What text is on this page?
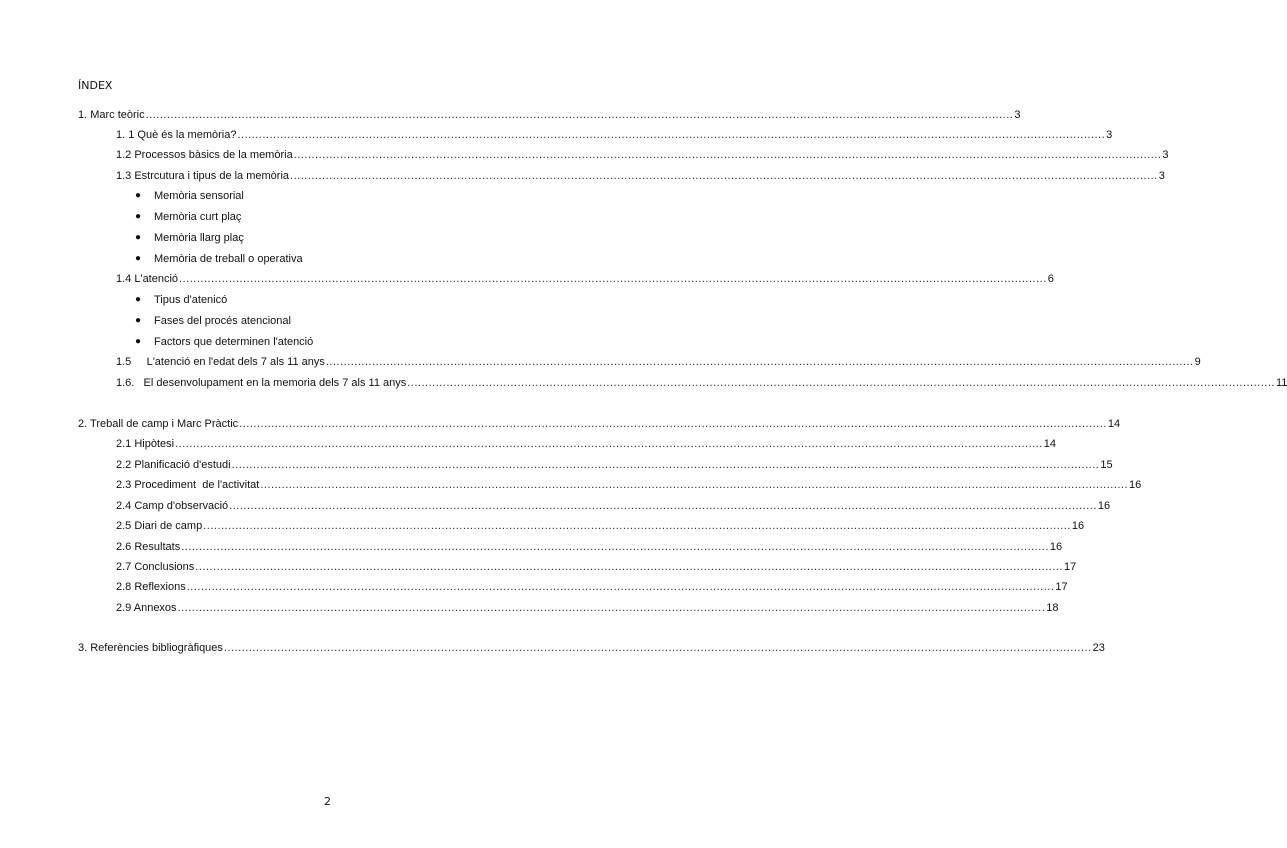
ÍNDEX
1. Marc teòric .................................................................................................................................................................................................................................................... 3
1. 1 Què és la memòria? .................................................................................................................................................................................................................................................... 3
1.2 Processos bàsics de la memòria .................................................................................................................................................................................................................................................... 3
1.3 Estrcutura i tipus de la memòria .................................................................................................................................................................................................................................................... 3
● Memòria sensorial
● Memòria curt plaç
● Memòria llarg plaç
● Memòria de treball o operativa
1.4 L'atenció .................................................................................................................................................................................................................................................... 6
● Tipus d'atenicó
● Fases del procés atencional
● Factors que determinen l'atenció
1.5     L'atenció en l'edat dels 7 als 11 anys .................................................................................................................................................................................................................................................... 9
1.6.   El desenvolupament en la memoria dels 7 als 11 anys .................................................................................................................................................................................................................................................... 11
2. Treball de camp i Marc Pràctic .................................................................................................................................................................................................................................................... 14
2.1 Hipòtesi .................................................................................................................................................................................................................................................... 14
2.2 Planificació d'estudi .................................................................................................................................................................................................................................................... 15
2.3 Procediment  de l'activitat .................................................................................................................................................................................................................................................... 16
2.4 Camp d'observació .................................................................................................................................................................................................................................................... 16
2.5 Diari de camp .................................................................................................................................................................................................................................................... 16
2.6 Resultats .................................................................................................................................................................................................................................................... 16
2.7 Conclusions .................................................................................................................................................................................................................................................... 17
2.8 Reflexions .................................................................................................................................................................................................................................................... 17
2.9 Annexos .................................................................................................................................................................................................................................................... 18
3. Referències bibliogràfiques .................................................................................................................................................................................................................................................... 23
2
